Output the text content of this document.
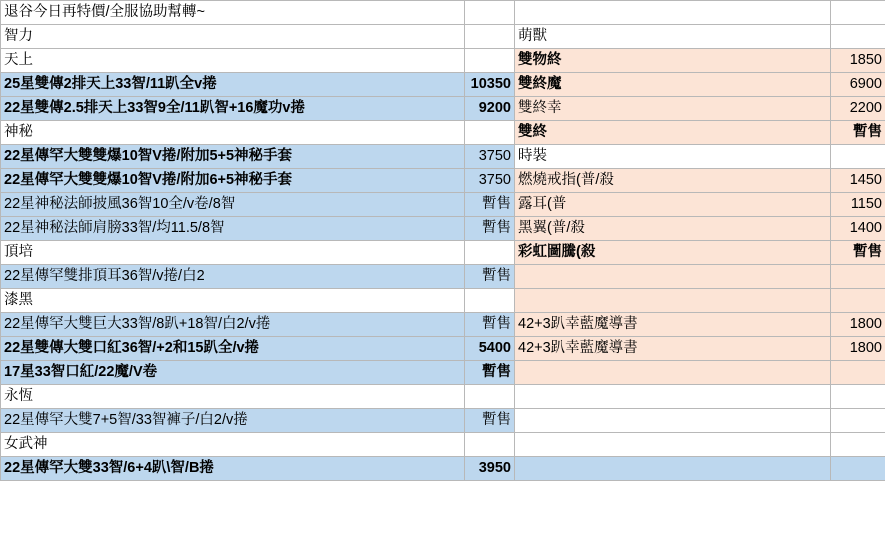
退谷今日再特價/全服協助幫轉~			
智力		萌獸	
天上		雙物終	1850
25星雙傳2排天上33智/11趴全v捲	10350	雙終魔	6900
22星雙傳2.5排天上33智9全/11趴智+16魔功v捲	9200	雙終幸	2200
神秘		雙終	暫售
22星傳罕大雙雙爆10智V捲/附加5+5神秘手套	3750	時裝	
22星傳罕大雙雙爆10智V捲/附加6+5神秘手套	3750	燃燒戒指(普/殺	1450
22星神秘法師披風36智10全/v卷/8智	暫售	露耳(普	1150
22星神秘法師肩膀33智/均11.5/8智	暫售	黑翼(普/殺	1400
頂培		彩虹圖騰(殺	暫售
22星傳罕雙排頂耳36智/v捲/白2	暫售		
漆黑			
22星傳罕大雙巨大33智/8趴+18智/白2/v捲	暫售	42+3趴幸藍魔導書	1800
22星雙傳大雙口紅36智/+2和15趴全/v捲	5400	42+3趴幸藍魔導書	1800
17星33智口紅/22魔/V卷	暫售		
永恆			
22星傳罕大雙7+5智/33智褲子/白2/v捲	暫售		
女武神			
22星傳罕大雙33智/6+4趴\智/B捲	3950		
